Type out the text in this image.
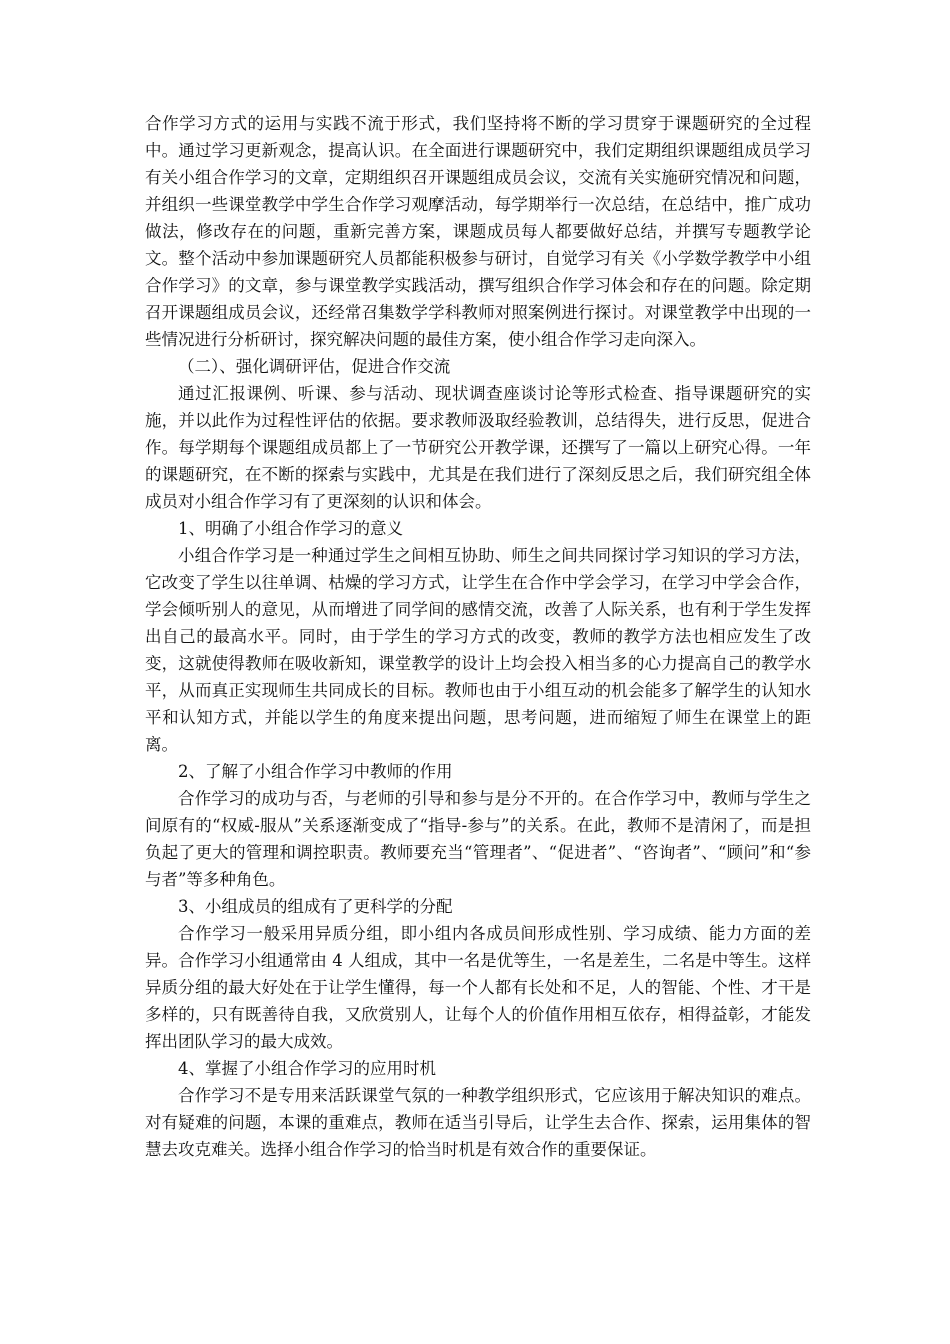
合作学习方式的运用与实践不流于形式，我们坚持将不断的学习贯穿于课题研究的全过程中。通过学习更新观念，提高认识。在全面进行课题研究中，我们定期组织课题组成员学习有关小组合作学习的文章，定期组织召开课题组成员会议，交流有关实施研究情况和问题，并组织一些课堂教学中学生合作学习观摩活动，每学期举行一次总结，在总结中，推广成功做法，修改存在的问题，重新完善方案，课题成员每人都要做好总结，并撰写专题教学论文。整个活动中参加课题研究人员都能积极参与研讨，自觉学习有关《小学数学教学中小组合作学习》的文章，参与课堂教学实践活动，撰写组织合作学习体会和存在的问题。除定期召开课题组成员会议，还经常召集数学学科教师对照案例进行探讨。对课堂教学中出现的一些情况进行分析研讨，探究解决问题的最佳方案，使小组合作学习走向深入。

（二）、强化调研评估，促进合作交流

通过汇报课例、听课、参与活动、现状调查座谈讨论等形式检查、指导课题研究的实施，并以此作为过程性评估的依据。要求教师汲取经验教训，总结得失，进行反思，促进合作。每学期每个课题组成员都上了一节研究公开教学课，还撰写了一篇以上研究心得。一年的课题研究，在不断的探索与实践中，尤其是在我们进行了深刻反思之后，我们研究组全体成员对小组合作学习有了更深刻的认识和体会。

1、明确了小组合作学习的意义

小组合作学习是一种通过学生之间相互协助、师生之间共同探讨学习知识的学习方法，它改变了学生以往单调、枯燥的学习方式，让学生在合作中学会学习，在学习中学会合作，学会倾听别人的意见，从而增进了同学间的感情交流，改善了人际关系，也有利于学生发挥出自己的最高水平。同时，由于学生的学习方式的改变，教师的教学方法也相应发生了改变，这就使得教师在吸收新知，课堂教学的设计上均会投入相当多的心力提高自己的教学水平，从而真正实现师生共同成长的目标。教师也由于小组互动的机会能多了解学生的认知水平和认知方式，并能以学生的角度来提出问题，思考问题，进而缩短了师生在课堂上的距离。

2、了解了小组合作学习中教师的作用

合作学习的成功与否，与老师的引导和参与是分不开的。在合作学习中，教师与学生之间原有的“权威-服从”关系逐渐变成了“指导-参与”的关系。在此，教师不是清闲了，而是担负起了更大的管理和调控职责。教师要充当“管理者”、“促进者”、“咨询者”、“顾问”和“参与者”等多种角色。

3、小组成员的组成有了更科学的分配

合作学习一般采用异质分组，即小组内各成员间形成性别、学习成绩、能力方面的差异。合作学习小组通常由 4 人组成，其中一名是优等生，一名是差生，二名是中等生。这样异质分组的最大好处在于让学生懂得，每一个人都有长处和不足，人的智能、个性、才干是多样的，只有既善待自我，又欣赏别人，让每个人的价值作用相互依存，相得益彰，才能发挥出团队学习的最大成效。

4、掌握了小组合作学习的应用时机

合作学习不是专用来活跃课堂气氛的一种教学组织形式，它应该用于解决知识的难点。对有疑难的问题，本课的重难点，教师在适当引导后，让学生去合作、探索，运用集体的智慧去攻克难关。选择小组合作学习的恰当时机是有效合作的重要保证。
